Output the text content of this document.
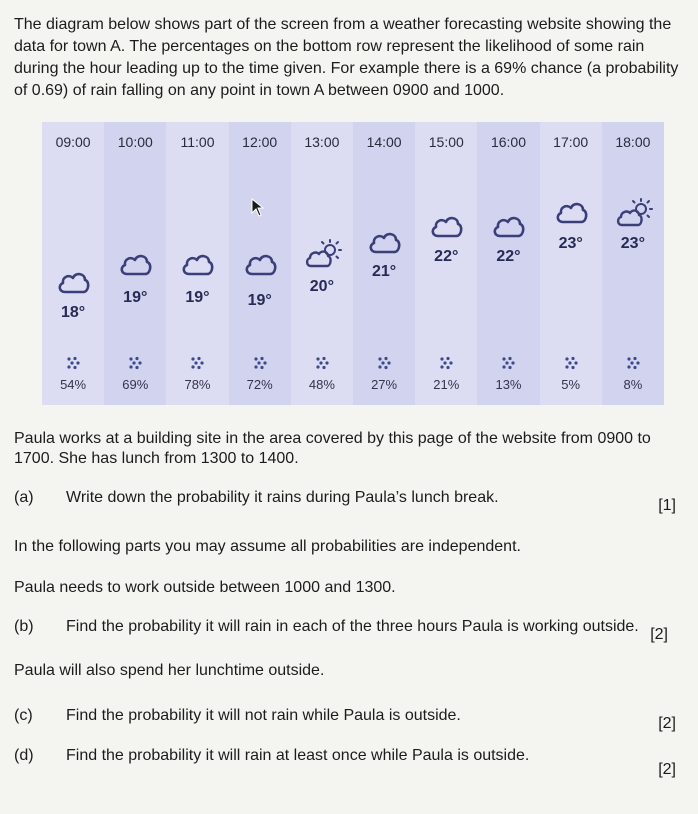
The diagram below shows part of the screen from a weather forecasting website showing the data for town A. The percentages on the bottom row represent the likelihood of some rain during the hour leading up to the time given. For example there is a 69% chance (a probability of 0.69) of rain falling on any point in town A between 0900 and 1000.

09:00
18°
54%
10:00
19°
69%
11:00
19°
78%
12:00
19°
72%
13:00
20°
48%
14:00
21°
27%
15:00
22°
21%
16:00
22°
13%
17:00
23°
5%
18:00
23°
8%

Paula works at a building site in the area covered by this page of the website from 0900 to 1700. She has lunch from 1300 to 1400.

(a) Write down the probability it rains during Paula’s lunch break.	[1]

In the following parts you may assume all probabilities are independent.

Paula needs to work outside between 1000 and 1300.

(b) Find the probability it will rain in each of the three hours Paula is working outside. [2]

Paula will also spend her lunchtime outside.

(c) Find the probability it will not rain while Paula is outside.	[2]
(d) Find the probability it will rain at least once while Paula is outside.
[2]
